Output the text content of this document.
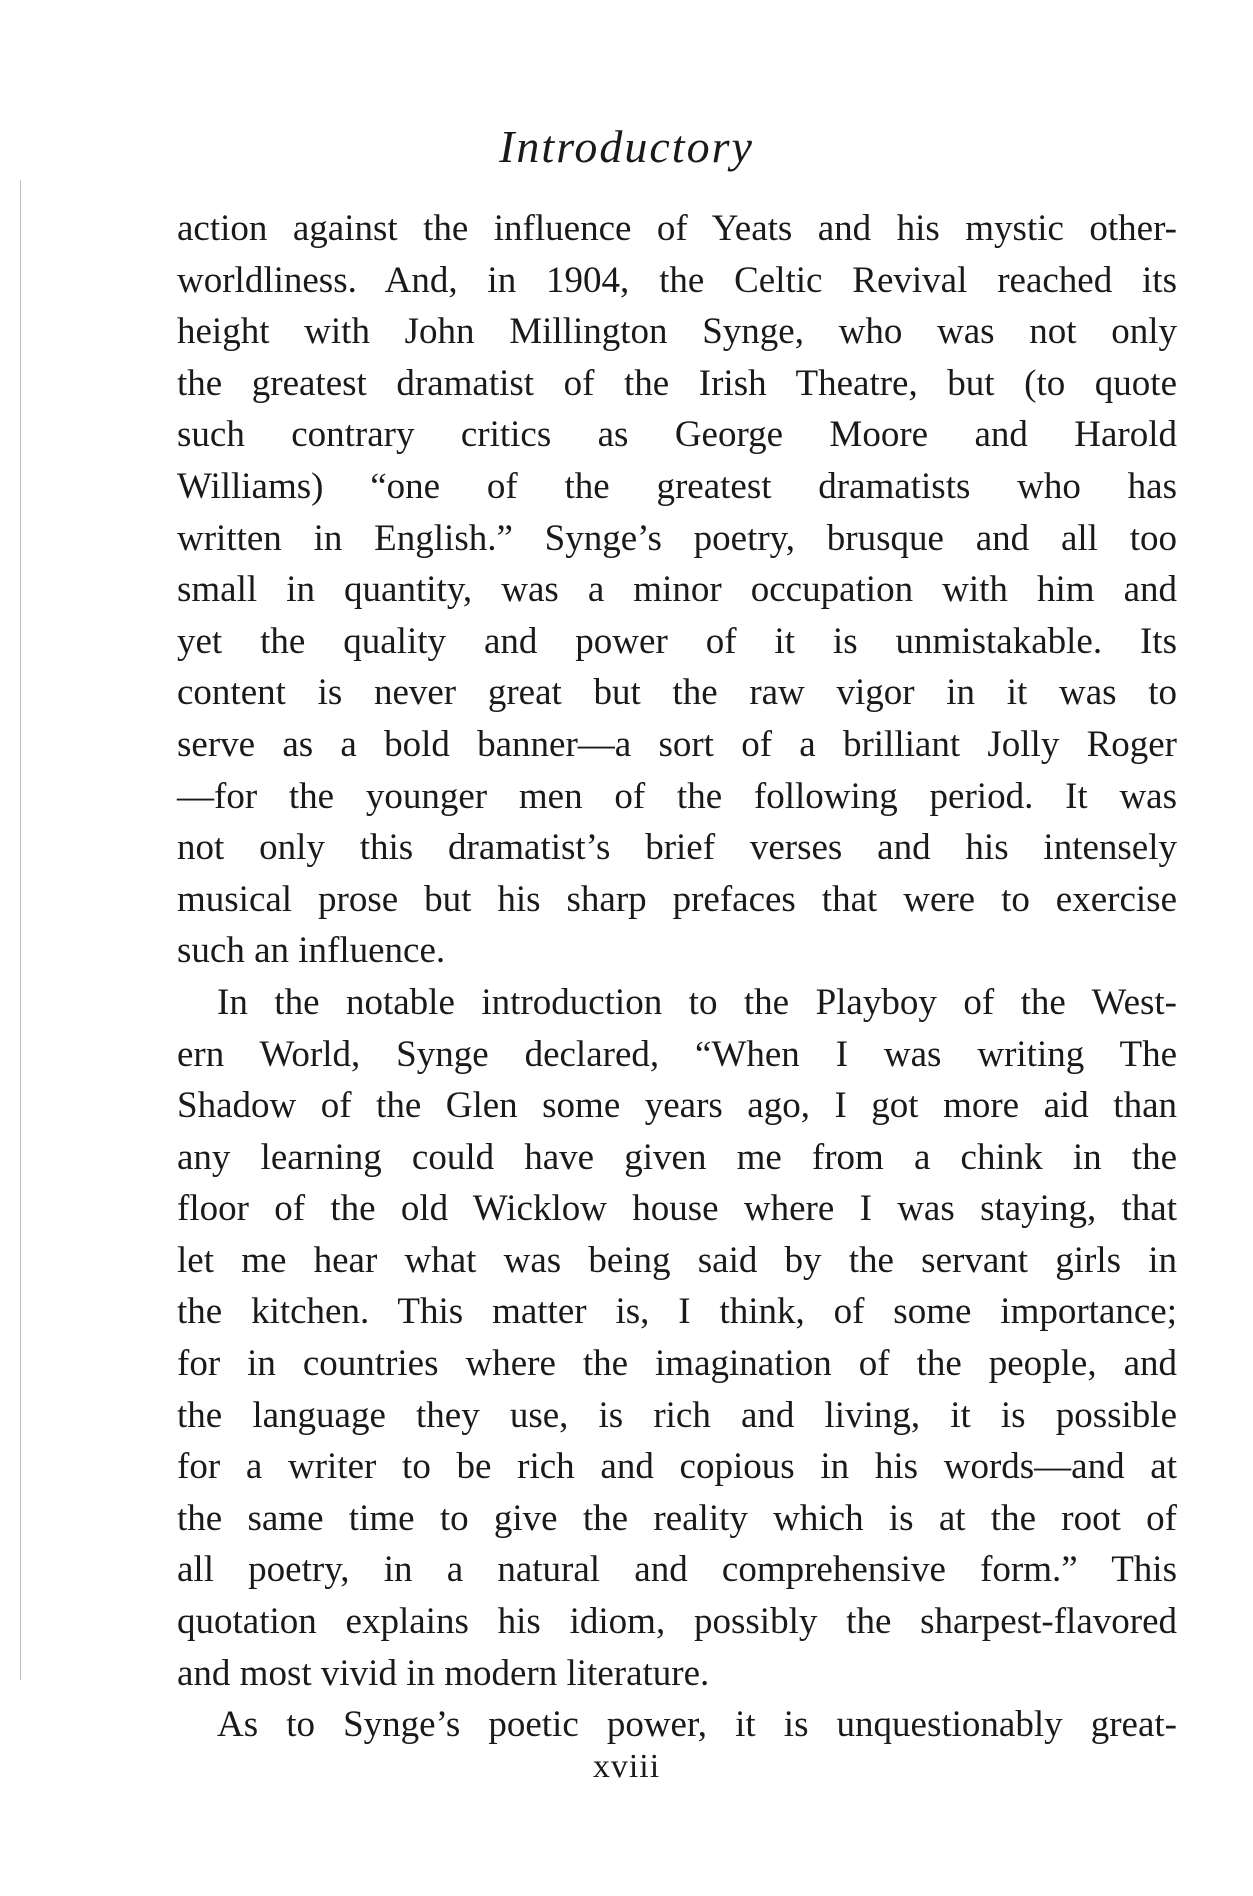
Introductory
action against the influence of Yeats and his mystic other-
worldliness. And, in 1904, the Celtic Revival reached its
height with John Millington Synge, who was not only
the greatest dramatist of the Irish Theatre, but (to quote
such contrary critics as George Moore and Harold
Williams) “one of the greatest dramatists who has
written in English.” Synge’s poetry, brusque and all too
small in quantity, was a minor occupation with him and
yet the quality and power of it is unmistakable. Its
content is never great but the raw vigor in it was to
serve as a bold banner—a sort of a brilliant Jolly Roger
—for the younger men of the following period. It was
not only this dramatist’s brief verses and his intensely
musical prose but his sharp prefaces that were to exercise
such an influence.
In the notable introduction to the Playboy of the West-
ern World, Synge declared, “When I was writing The
Shadow of the Glen some years ago, I got more aid than
any learning could have given me from a chink in the
floor of the old Wicklow house where I was staying, that
let me hear what was being said by the servant girls in
the kitchen. This matter is, I think, of some importance;
for in countries where the imagination of the people, and
the language they use, is rich and living, it is possible
for a writer to be rich and copious in his words—and at
the same time to give the reality which is at the root of
all poetry, in a natural and comprehensive form.” This
quotation explains his idiom, possibly the sharpest-flavored
and most vivid in modern literature.
As to Synge’s poetic power, it is unquestionably great-
xviii
